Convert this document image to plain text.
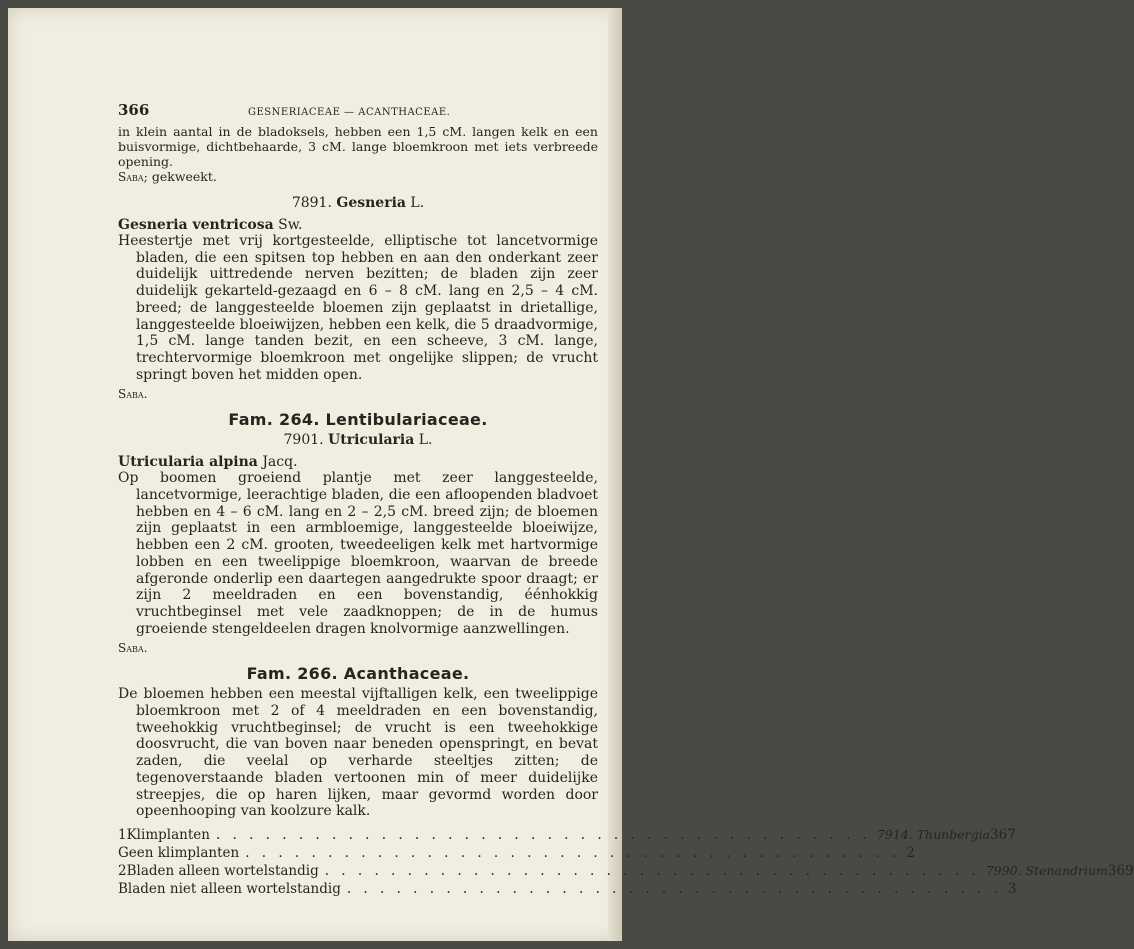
366	GESNERIACEAE — ACANTHACEAE.
in klein aantal in de bladoksels, hebben een 1,5 cM. langen kelk en een buisvormige, dichtbehaarde, 3 cM. lange bloemkroon met iets verbreede opening.
Saba; gekweekt.
7891. Gesneria L.
Gesneria ventricosa Sw.
Heestertje met vrij kortgesteelde, elliptische tot lancetvormige bladen, die een spitsen top hebben en aan den onderkant zeer duidelijk uittredende nerven bezitten; de bladen zijn zeer duidelijk gekarteld-gezaagd en 6 – 8 cM. lang en 2,5 – 4 cM. breed; de langgesteelde bloemen zijn geplaatst in drietallige, langgesteelde bloeiwijzen, hebben een kelk, die 5 draadvormige, 1,5 cM. lange tanden bezit, en een scheeve, 3 cM. lange, trechtervormige bloemkroon met ongelijke slippen; de vrucht springt boven het midden open.
Saba.
Fam. 264. Lentibulariaceae.
7901. Utricularia L.
Utricularia alpina Jacq.
Op boomen groeiend plantje met zeer langgesteelde, lancetvormige, leerachtige bladen, die een afloopenden bladvoet hebben en 4 – 6 cM. lang en 2 – 2,5 cM. breed zijn; de bloemen zijn geplaatst in een armbloemige, langgesteelde bloeiwijze, hebben een 2 cM. grooten, tweedeeligen kelk met hartvormige lobben en een tweelippige bloemkroon, waarvan de breede afgeronde onderlip een daartegen aangedrukte spoor draagt; er zijn 2 meeldraden en een bovenstandig, éénhokkig vruchtbeginsel met vele zaadknoppen; de in de humus groeiende stengeldeelen dragen knolvormige aanzwellingen.
Saba.
Fam. 266. Acanthaceae.
De bloemen hebben een meestal vijftalligen kelk, een tweelippige bloemkroon met 2 of 4 meeldraden en een bovenstandig, tweehokkig vruchtbeginsel; de vrucht is een tweehokkige doosvrucht, die van boven naar beneden openspringt, en bevat zaden, die veelal op verharde steeltjes zitten; de tegenoverstaande bladen vertoonen min of meer duidelijke streepjes, die op haren lijken, maar gevormd worden door opeenhooping van koolzure kalk.
1 Klimplanten . . . . . . . . . . . . . . . . . . . . . . . . . . . . . . . . . . . . . . . . 7914. Thunbergia 367
Geen klimplanten . . . . . . . . . . . . . . . . . . . . . . . . . . . . . . . . . . . . . . . . 2
2 Bladen alleen wortelstandig . . . . . . . . . . . . . . . . . . . . . . . . . . . . . . . . . . . . . . . . 7990. Stenandrium 369
Bladen niet alleen wortelstandig . . . . . . . . . . . . . . . . . . . . . . . . . . . . . . . . . . . . . . . . 3
